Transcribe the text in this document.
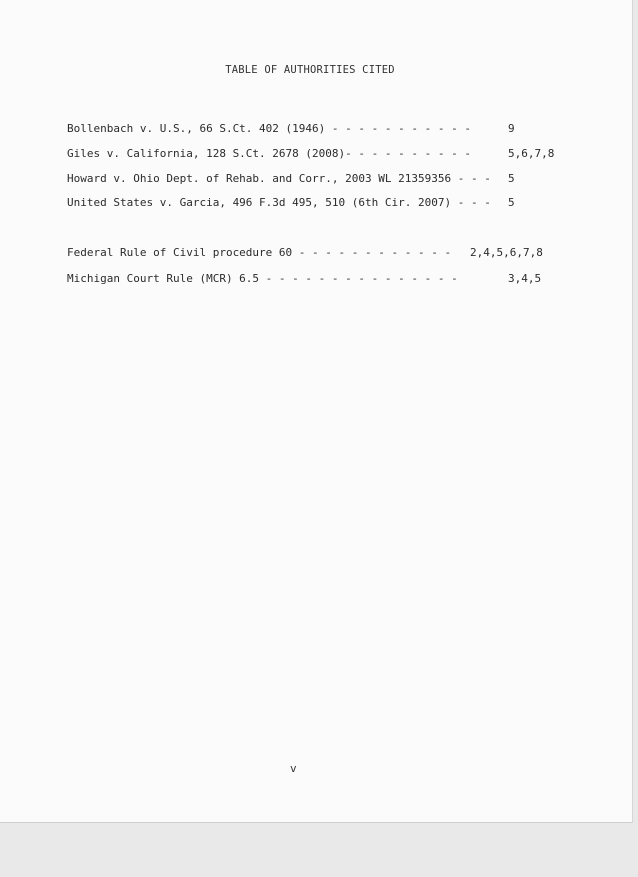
TABLE OF AUTHORITIES CITED
Bollenbach v. U.S., 66 S.Ct. 402 (1946) - - - - - - - - - - -	9
Giles v. California, 128 S.Ct. 2678 (2008)- - - - - - - - - -	5,6,7,8
Howard v. Ohio Dept. of Rehab. and Corr., 2003 WL 21359356 - - - 5
United States v. Garcia, 496 F.3d 495, 510 (6th Cir. 2007) - - - 5
Federal Rule of Civil procedure 60 - - - - - - - - - - - - 2,4,5,6,7,8
Michigan Court Rule (MCR) 6.5 - - - - - - - - - - - - - - -	3,4,5
v
